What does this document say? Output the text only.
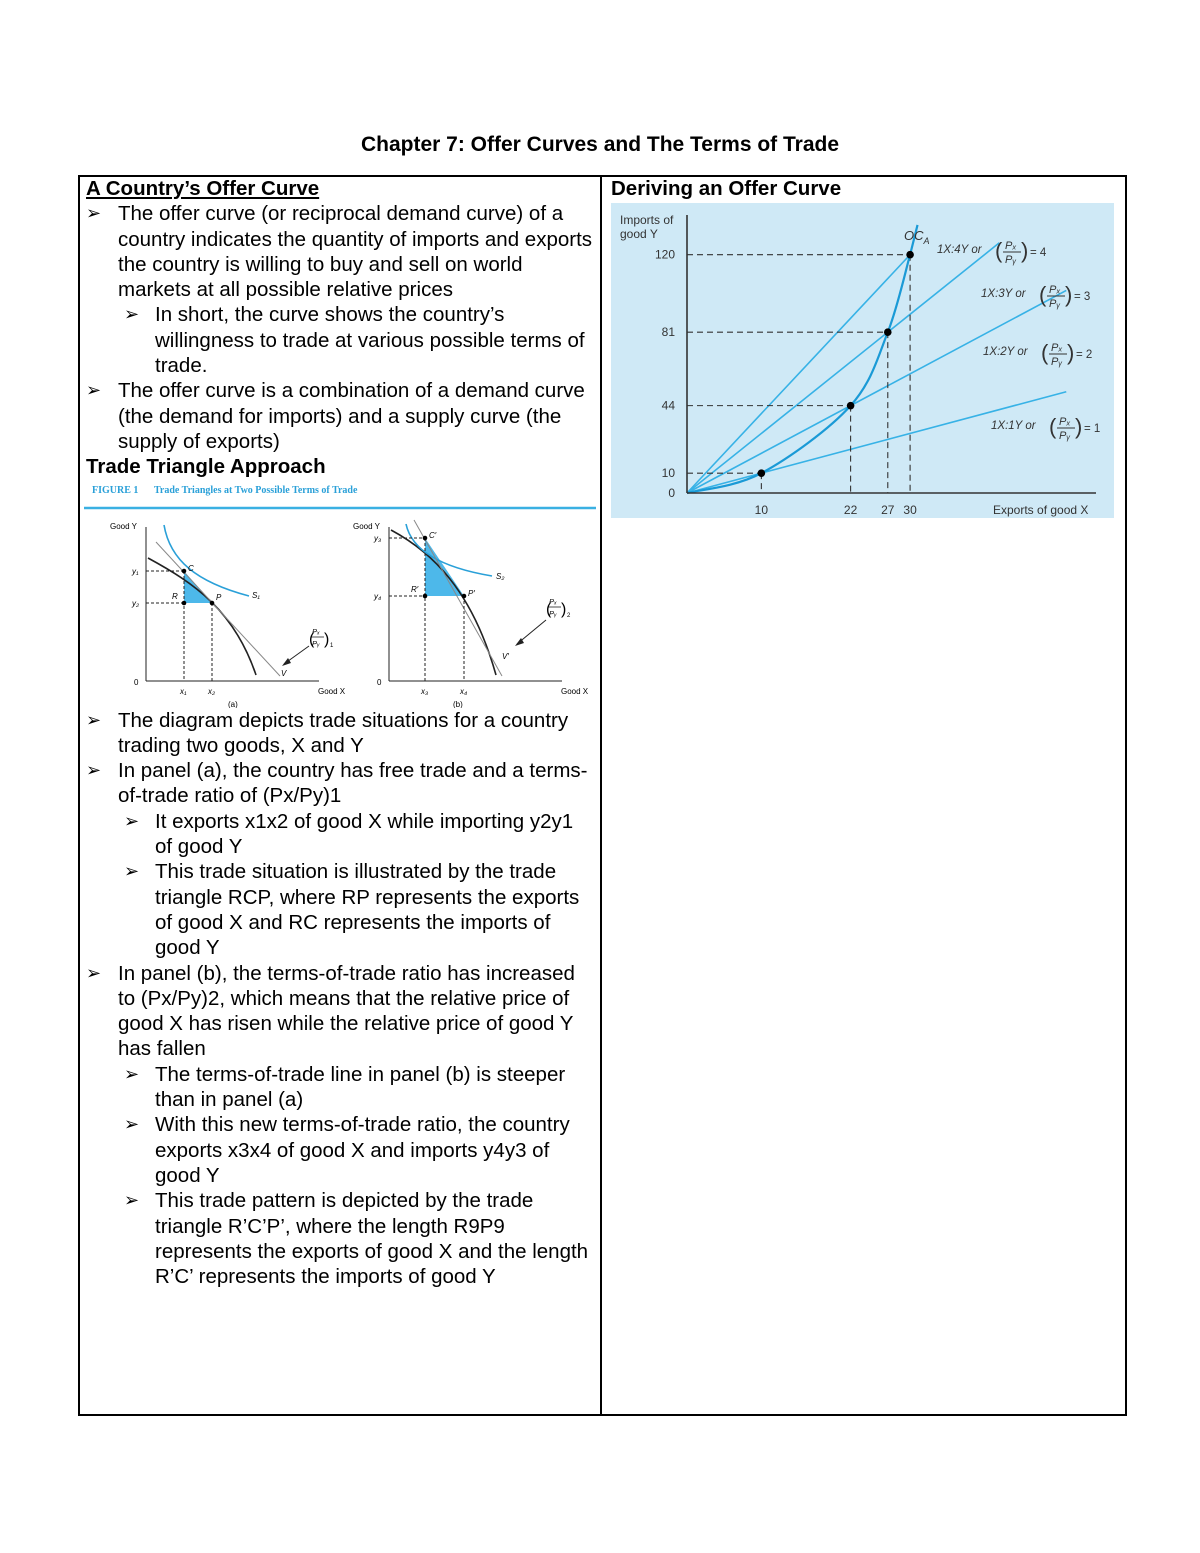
Chapter 7: Offer Curves and The Terms of Trade
A Country’s Offer Curve
➢ The offer curve (or reciprocal demand curve) of a country indicates the quantity of imports and exports the country is willing to buy and sell on world markets at all possible relative prices
➢ In short, the curve shows the country’s willingness to trade at various possible terms of trade.
➢ The offer curve is a combination of a demand curve (the demand for imports) and a supply curve (the supply of exports)
Trade Triangle Approach
FIGURE 1 Trade Triangles at Two Possible Terms of Trade
Good Y
Good X
0
y₁
y₂
x₁	x₂
C
R	P	S₁
V
Pₓ
Pᵧ
( ) 1
(a)
Good Y
Good X
0
y₃
y₄
x₃	x₄
C′
R′	P′
S₂
V′
Pₓ
Pᵧ
( ) 2
(b)
➢ The diagram depicts trade situations for a country trading two goods, X and Y
➢ In panel (a), the country has free trade and a terms-of-trade ratio of (Px/Py)1
➢ It exports x1x2 of good X while importing y2y1 of good Y
➢ This trade situation is illustrated by the trade triangle RCP, where RP represents the exports of good X and RC represents the imports of good Y
➢ In panel (b), the terms-of-trade ratio has increased to (Px/Py)2, which means that the relative price of good X has risen while the relative price of good Y has fallen
➢ The terms-of-trade line in panel (b) is steeper than in panel (a)
➢ With this new terms-of-trade ratio, the country exports x3x4 of good X and imports y4y3 of good Y
➢ This trade pattern is depicted by the trade triangle R’C’P’, where the length R9P9 represents the exports of good X and the length R’C’ represents the imports of good Y
Deriving an Offer Curve
0
10
44
81
120
10	22 27 30
1X:4Y or ( Pₓ
Pᵧ ) = 4
1X:3Y or ( Pₓ
Pᵧ ) = 3
1X:2Y or ( Pₓ
Pᵧ ) = 2
1X:1Y or ( Pₓ
Pᵧ ) = 1
Imports of good Y
Exports of good X
$OC_A$
